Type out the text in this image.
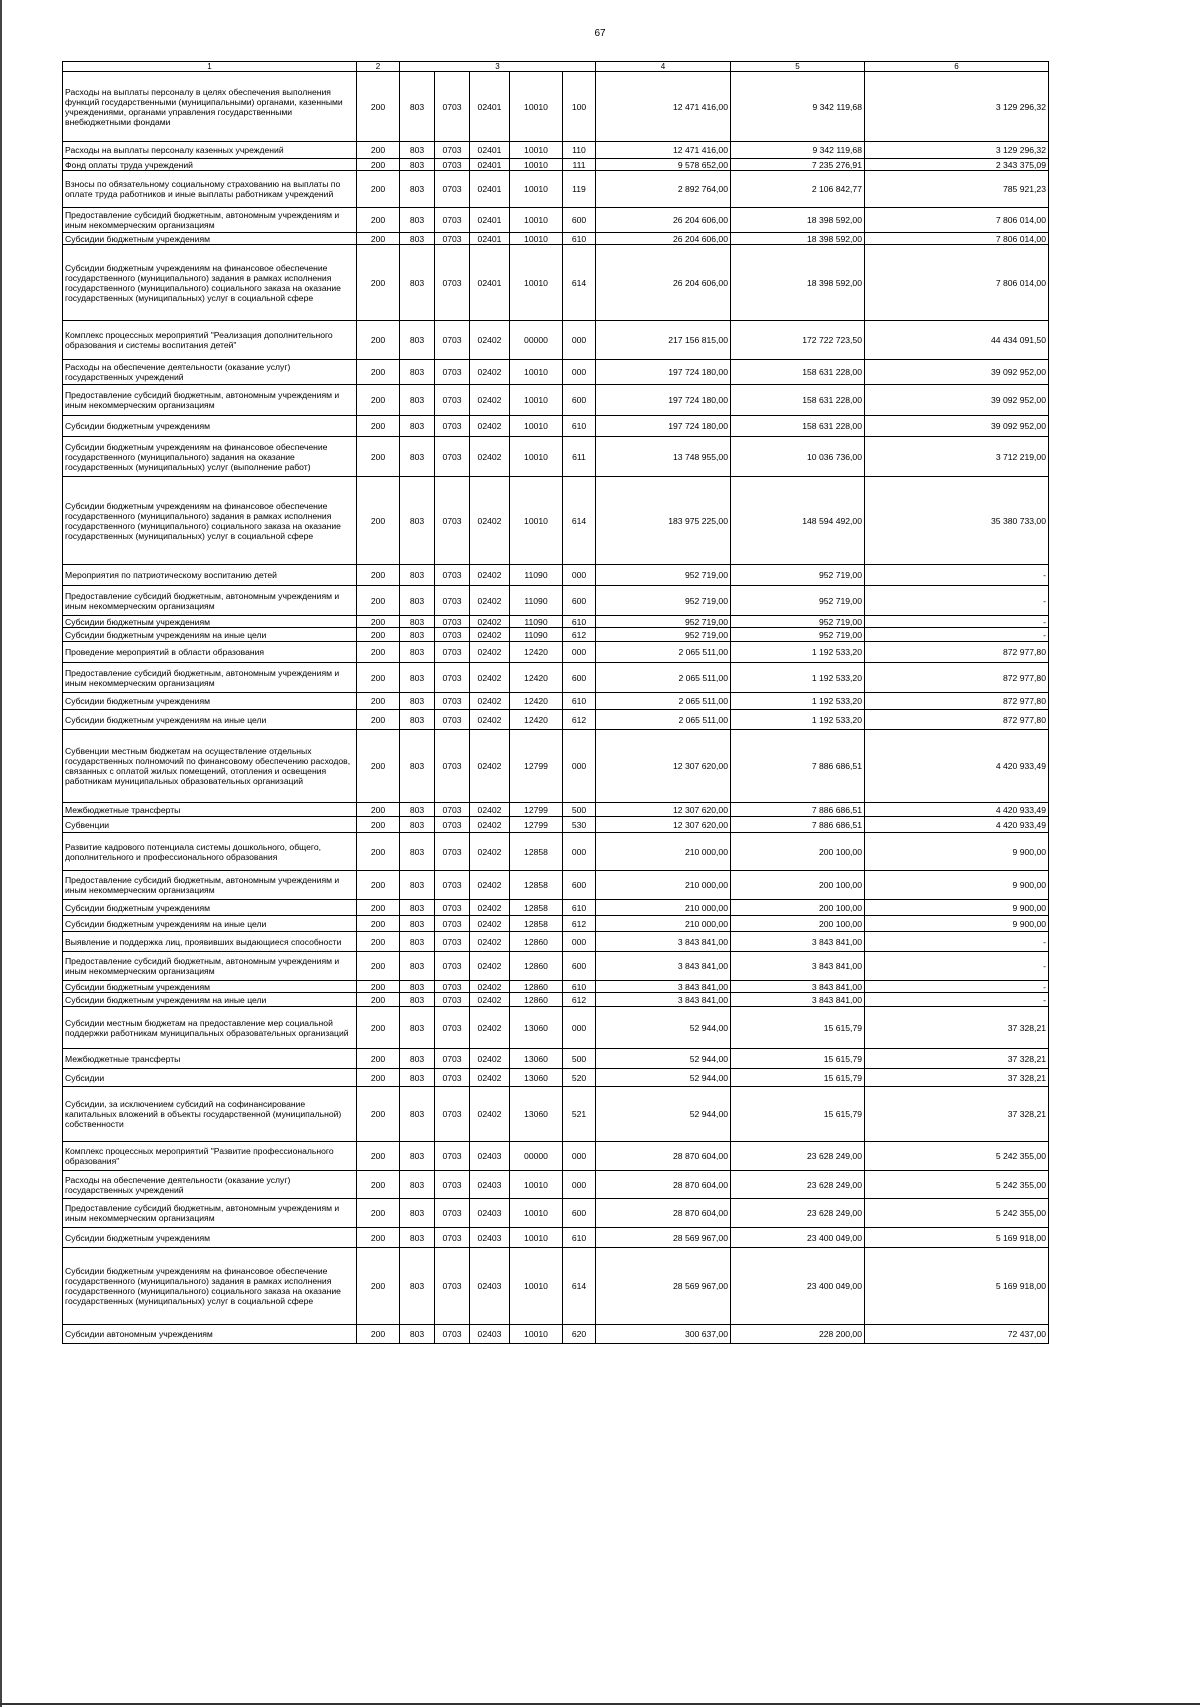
67
1	2	3					4	5	6
Расходы на выплаты персоналу в целях обеспечения выполнения функций государственными (муниципальными) органами, казенными учреждениями, органами управления государственными внебюджетными фондами	200	803	0703	02401	10010	100	12 471 416,00	9 342 119,68	3 129 296,32
Расходы на выплаты персоналу казенных учреждений	200	803	0703	02401	10010	110	12 471 416,00	9 342 119,68	3 129 296,32
Фонд оплаты труда учреждений	200	803	0703	02401	10010	111	9 578 652,00	7 235 276,91	2 343 375,09
Взносы по обязательному социальному страхованию на выплаты по оплате труда работников и иные выплаты работникам учреждений	200	803	0703	02401	10010	119	2 892 764,00	2 106 842,77	785 921,23
Предоставление субсидий бюджетным, автономным учреждениям и иным некоммерческим организациям	200	803	0703	02401	10010	600	26 204 606,00	18 398 592,00	7 806 014,00
Субсидии бюджетным учреждениям	200	803	0703	02401	10010	610	26 204 606,00	18 398 592,00	7 806 014,00
Субсидии бюджетным учреждениям на финансовое обеспечение государственного (муниципального) задания в рамках исполнения государственного (муниципального) социального заказа на оказание государственных (муниципальных) услуг в социальной сфере	200	803	0703	02401	10010	614	26 204 606,00	18 398 592,00	7 806 014,00
Комплекс процессных мероприятий "Реализация дополнительного образования и системы воспитания детей"	200	803	0703	02402	00000	000	217 156 815,00	172 722 723,50	44 434 091,50
Расходы на обеспечение деятельности (оказание услуг) государственных учреждений	200	803	0703	02402	10010	000	197 724 180,00	158 631 228,00	39 092 952,00
Предоставление субсидий бюджетным, автономным учреждениям и иным некоммерческим организациям	200	803	0703	02402	10010	600	197 724 180,00	158 631 228,00	39 092 952,00
Субсидии бюджетным учреждениям	200	803	0703	02402	10010	610	197 724 180,00	158 631 228,00	39 092 952,00
Субсидии бюджетным учреждениям на финансовое обеспечение государственного (муниципального) задания на оказание государственных (муниципальных) услуг (выполнение работ)	200	803	0703	02402	10010	611	13 748 955,00	10 036 736,00	3 712 219,00
Субсидии бюджетным учреждениям на финансовое обеспечение государственного (муниципального) задания в рамках исполнения государственного (муниципального) социального заказа на оказание государственных (муниципальных) услуг в социальной сфере	200	803	0703	02402	10010	614	183 975 225,00	148 594 492,00	35 380 733,00
Мероприятия по патриотическому воспитанию детей	200	803	0703	02402	11090	000	952 719,00	952 719,00	-
Предоставление субсидий бюджетным, автономным учреждениям и иным некоммерческим организациям	200	803	0703	02402	11090	600	952 719,00	952 719,00	-
Субсидии бюджетным учреждениям	200	803	0703	02402	11090	610	952 719,00	952 719,00	-
Субсидии бюджетным учреждениям на иные цели	200	803	0703	02402	11090	612	952 719,00	952 719,00	-
Проведение мероприятий в области образования	200	803	0703	02402	12420	000	2 065 511,00	1 192 533,20	872 977,80
Предоставление субсидий бюджетным, автономным учреждениям и иным некоммерческим организациям	200	803	0703	02402	12420	600	2 065 511,00	1 192 533,20	872 977,80
Субсидии бюджетным учреждениям	200	803	0703	02402	12420	610	2 065 511,00	1 192 533,20	872 977,80
Субсидии бюджетным учреждениям на иные цели	200	803	0703	02402	12420	612	2 065 511,00	1 192 533,20	872 977,80
Субвенции местным бюджетам на осуществление отдельных государственных полномочий по финансовому обеспечению расходов, связанных с оплатой жилых помещений, отопления и освещения работникам муниципальных образовательных организаций	200	803	0703	02402	12799	000	12 307 620,00	7 886 686,51	4 420 933,49
Межбюджетные трансферты	200	803	0703	02402	12799	500	12 307 620,00	7 886 686,51	4 420 933,49
Субвенции	200	803	0703	02402	12799	530	12 307 620,00	7 886 686,51	4 420 933,49
Развитие кадрового потенциала системы дошкольного, общего, дополнительного и профессионального образования	200	803	0703	02402	12858	000	210 000,00	200 100,00	9 900,00
Предоставление субсидий бюджетным, автономным учреждениям и иным некоммерческим организациям	200	803	0703	02402	12858	600	210 000,00	200 100,00	9 900,00
Субсидии бюджетным учреждениям	200	803	0703	02402	12858	610	210 000,00	200 100,00	9 900,00
Субсидии бюджетным учреждениям на иные цели	200	803	0703	02402	12858	612	210 000,00	200 100,00	9 900,00
Выявление и поддержка лиц, проявивших выдающиеся способности	200	803	0703	02402	12860	000	3 843 841,00	3 843 841,00	-
Предоставление субсидий бюджетным, автономным учреждениям и иным некоммерческим организациям	200	803	0703	02402	12860	600	3 843 841,00	3 843 841,00	-
Субсидии бюджетным учреждениям	200	803	0703	02402	12860	610	3 843 841,00	3 843 841,00	-
Субсидии бюджетным учреждениям на иные цели	200	803	0703	02402	12860	612	3 843 841,00	3 843 841,00	-
Субсидии местным бюджетам на предоставление мер социальной поддержки работникам муниципальных образовательных организаций	200	803	0703	02402	13060	000	52 944,00	15 615,79	37 328,21
Межбюджетные трансферты	200	803	0703	02402	13060	500	52 944,00	15 615,79	37 328,21
Субсидии	200	803	0703	02402	13060	520	52 944,00	15 615,79	37 328,21
Субсидии, за исключением субсидий на софинансирование капитальных вложений в объекты государственной (муниципальной) собственности	200	803	0703	02402	13060	521	52 944,00	15 615,79	37 328,21
Комплекс процессных мероприятий "Развитие профессионального образования"	200	803	0703	02403	00000	000	28 870 604,00	23 628 249,00	5 242 355,00
Расходы на обеспечение деятельности (оказание услуг) государственных учреждений	200	803	0703	02403	10010	000	28 870 604,00	23 628 249,00	5 242 355,00
Предоставление субсидий бюджетным, автономным учреждениям и иным некоммерческим организациям	200	803	0703	02403	10010	600	28 870 604,00	23 628 249,00	5 242 355,00
Субсидии бюджетным учреждениям	200	803	0703	02403	10010	610	28 569 967,00	23 400 049,00	5 169 918,00
Субсидии бюджетным учреждениям на финансовое обеспечение государственного (муниципального) задания в рамках исполнения государственного (муниципального) социального заказа на оказание государственных (муниципальных) услуг в социальной сфере	200	803	0703	02403	10010	614	28 569 967,00	23 400 049,00	5 169 918,00
Субсидии автономным учреждениям	200	803	0703	02403	10010	620	300 637,00	228 200,00	72 437,00
